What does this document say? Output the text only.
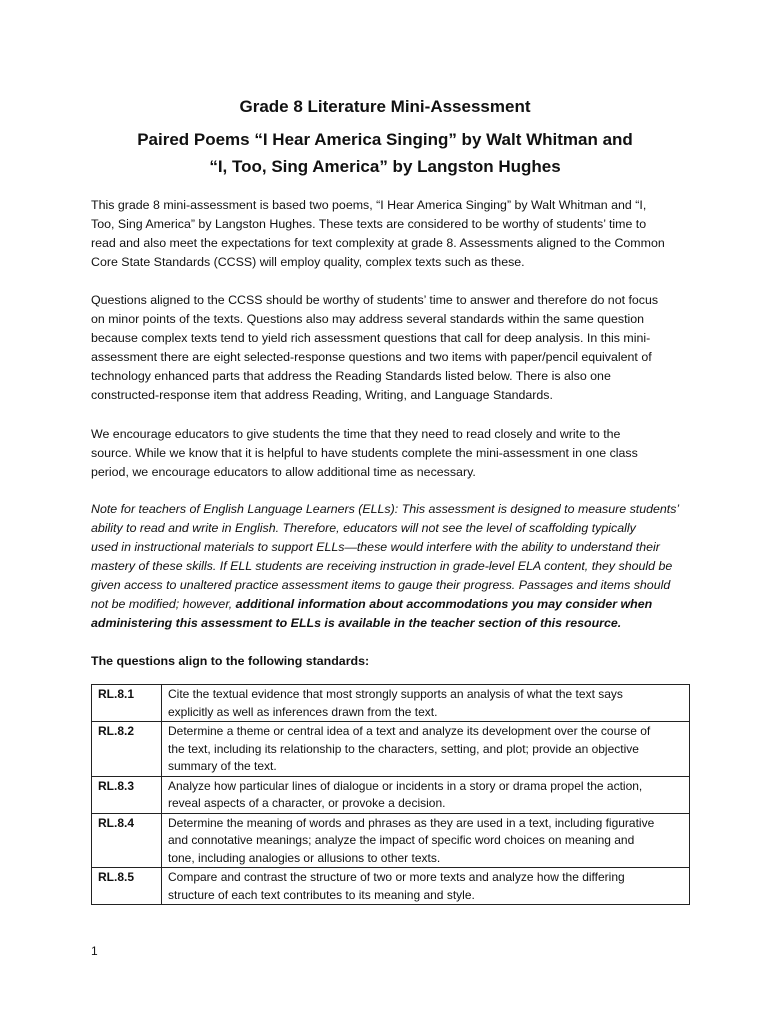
Grade 8 Literature Mini-Assessment
Paired Poems “I Hear America Singing” by Walt Whitman and
“I, Too, Sing America” by Langston Hughes

This grade 8 mini-assessment is based two poems, “I Hear America Singing” by Walt Whitman and “I,
Too, Sing America” by Langston Hughes. These texts are considered to be worthy of students’ time to
read and also meet the expectations for text complexity at grade 8. Assessments aligned to the Common
Core State Standards (CCSS) will employ quality, complex texts such as these.

Questions aligned to the CCSS should be worthy of students’ time to answer and therefore do not focus
on minor points of the texts. Questions also may address several standards within the same question
because complex texts tend to yield rich assessment questions that call for deep analysis. In this mini-
assessment there are eight selected-response questions and two items with paper/pencil equivalent of
technology enhanced parts that address the Reading Standards listed below. There is also one
constructed-response item that address Reading, Writing, and Language Standards.

We encourage educators to give students the time that they need to read closely and write to the
source. While we know that it is helpful to have students complete the mini-assessment in one class
period, we encourage educators to allow additional time as necessary.

Note for teachers of English Language Learners (ELLs): This assessment is designed to measure students’
ability to read and write in English. Therefore, educators will not see the level of scaffolding typically
used in instructional materials to support ELLs—these would interfere with the ability to understand their
mastery of these skills. If ELL students are receiving instruction in grade-level ELA content, they should be
given access to unaltered practice assessment items to gauge their progress. Passages and items should
not be modified; however, additional information about accommodations you may consider when
administering this assessment to ELLs is available in the teacher section of this resource.

The questions align to the following standards:
RL.8.1	Cite the textual evidence that most strongly supports an analysis of what the text says
explicitly as well as inferences drawn from the text.

RL.8.2	Determine a theme or central idea of a text and analyze its development over the course of
the text, including its relationship to the characters, setting, and plot; provide an objective
summary of the text.

RL.8.3	Analyze how particular lines of dialogue or incidents in a story or drama propel the action,
reveal aspects of a character, or provoke a decision.

RL.8.4	Determine the meaning of words and phrases as they are used in a text, including figurative
and connotative meanings; analyze the impact of specific word choices on meaning and
tone, including analogies or allusions to other texts.

RL.8.5	Compare and contrast the structure of two or more texts and analyze how the differing
structure of each text contributes to its meaning and style.
1
